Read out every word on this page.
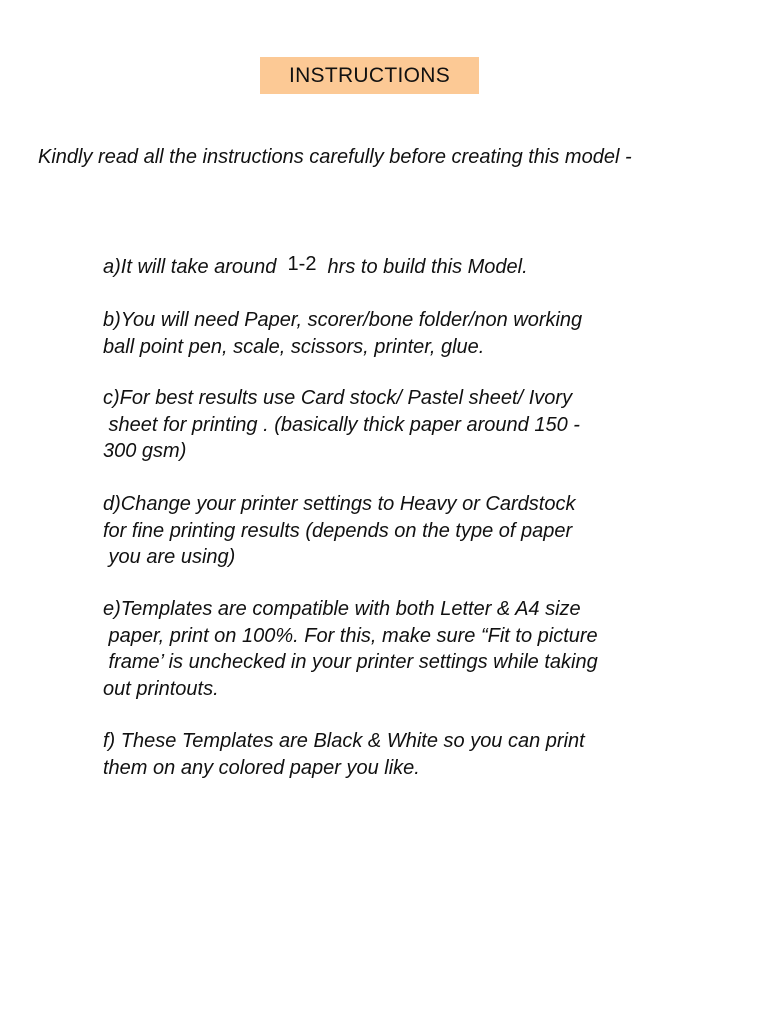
INSTRUCTIONS
Kindly read all the instructions carefully before creating this model -
a)It will take around  1-2  hrs to build this Model.
b)You will need Paper, scorer/bone folder/non working
ball point pen, scale, scissors, printer, glue.
c)For best results use Card stock/ Pastel sheet/ Ivory
sheet for printing . (basically thick paper around 150 -
300 gsm)
d)Change your printer settings to Heavy or Cardstock
for fine printing results (depends on the type of paper
you are using)
e)Templates are compatible with both Letter & A4 size
paper, print on 100%. For this, make sure “Fit to picture
frame’ is unchecked in your printer settings while taking
out printouts.
f) These Templates are Black & White so you can print
them on any colored paper you like.
